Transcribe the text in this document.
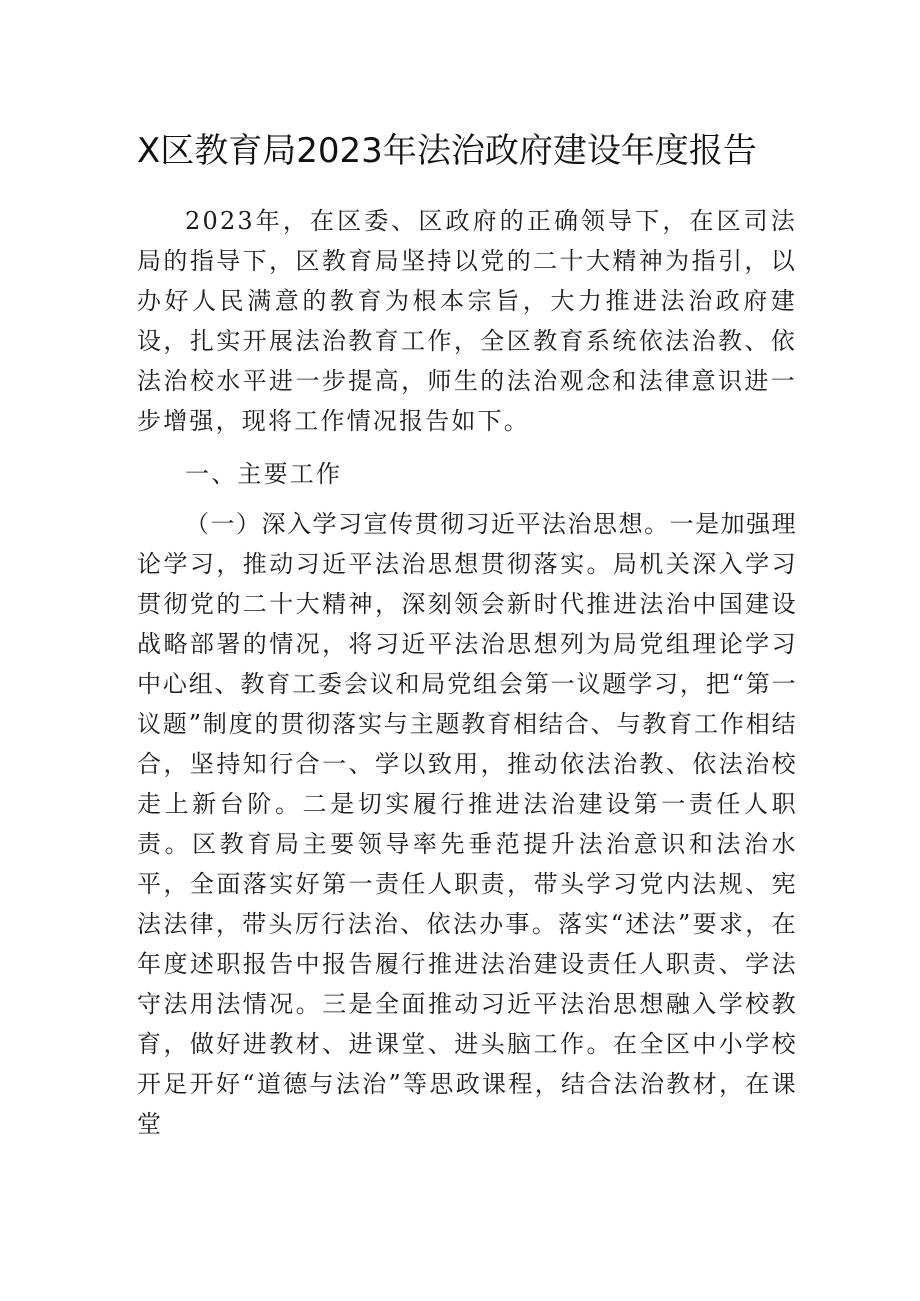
X区教育局2023年法治政府建设年度报告

2023年，在区委、区政府的正确领导下，在区司法局的指导下，区教育局坚持以党的二十大精神为指引，以办好人民满意的教育为根本宗旨，大力推进法治政府建设，扎实开展法治教育工作，全区教育系统依法治教、依法治校水平进一步提高，师生的法治观念和法律意识进一步增强，现将工作情况报告如下。

一、主要工作

（一）深入学习宣传贯彻习近平法治思想。一是加强理论学习，推动习近平法治思想贯彻落实。局机关深入学习贯彻党的二十大精神，深刻领会新时代推进法治中国建设战略部署的情况，将习近平法治思想列为局党组理论学习中心组、教育工委会议和局党组会第一议题学习，把“第一议题”制度的贯彻落实与主题教育相结合、与教育工作相结合，坚持知行合一、学以致用，推动依法治教、依法治校走上新台阶。二是切实履行推进法治建设第一责任人职责。区教育局主要领导率先垂范提升法治意识和法治水平，全面落实好第一责任人职责，带头学习党内法规、宪法法律，带头厉行法治、依法办事。落实“述法”要求，在年度述职报告中报告履行推进法治建设责任人职责、学法守法用法情况。三是全面推动习近平法治思想融入学校教育，做好进教材、进课堂、进头脑工作。在全区中小学校开足开好“道德与法治”等思政课程，结合法治教材，在课堂
